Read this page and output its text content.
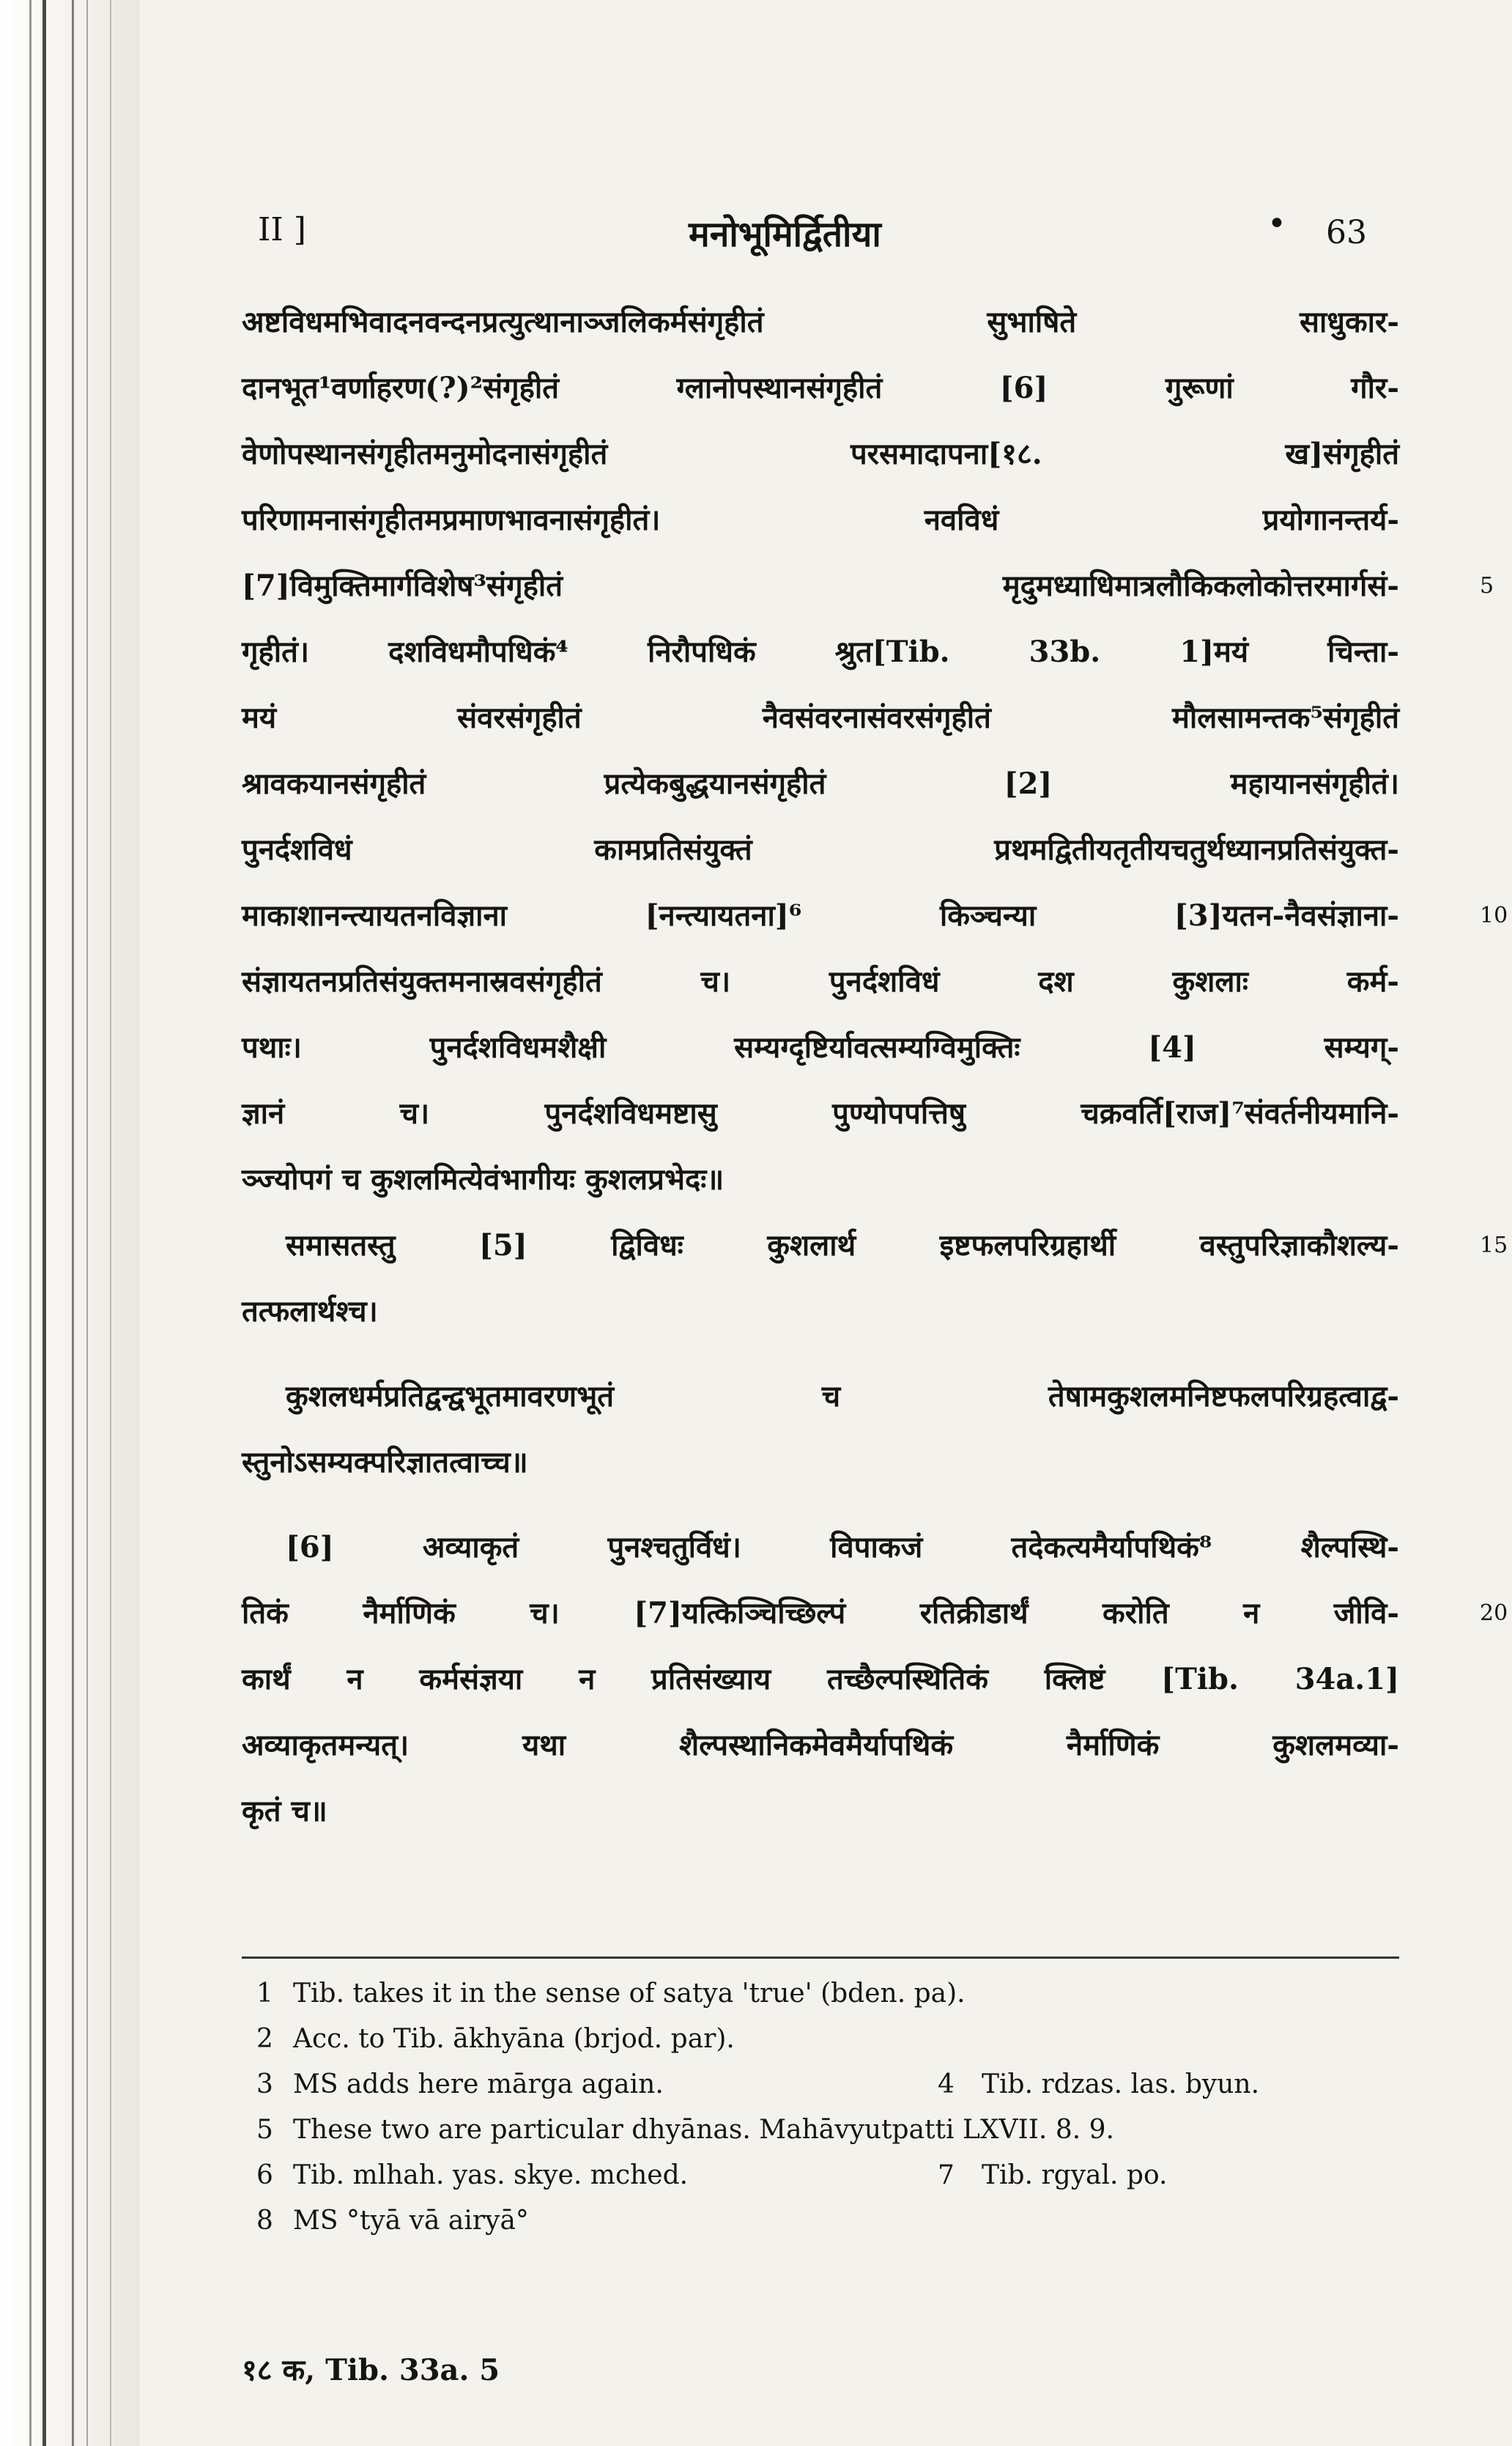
II ]	मनोभूमिर्द्वितीया	• 63
अष्टविधमभिवादनवन्दनप्रत्युत्थानाञ्जलिकर्मसंगृहीतं सुभाषिते साधुकार-
दानभूत¹वर्णाहरण(?)²संगृहीतं ग्लानोपस्थानसंगृहीतं [6] गुरूणां गौर-
वेणोपस्थानसंगृहीतमनुमोदनासंगृहीतं परसमादापना[१८. ख]संगृहीतं
परिणामनासंगृहीतमप्रमाणभावनासंगृहीतं। नवविधं प्रयोगानन्तर्य-
[7]विमुक्तिमार्गविशेष³संगृहीतं मृदुमध्याधिमात्रलौकिकलोकोत्तरमार्गसं-	5
गृहीतं। दशविधमौपधिकं⁴ निरौपधिकं श्रुत[Tib. 33b. 1]मयं चिन्ता-
मयं संवरसंगृहीतं नैवसंवरनासंवरसंगृहीतं मौलसामन्तक⁵संगृहीतं
श्रावकयानसंगृहीतं प्रत्येकबुद्धयानसंगृहीतं [2] महायानसंगृहीतं।
पुनर्दशविधं कामप्रतिसंयुक्तं प्रथमद्वितीयतृतीयचतुर्थध्यानप्रतिसंयुक्त-
माकाशानन्त्यायतनविज्ञाना [नन्त्यायतना]⁶ किञ्चन्या [3]यतन-नैवसंज्ञाना-	10
संज्ञायतनप्रतिसंयुक्तमनास्रवसंगृहीतं च। पुनर्दशविधं दश कुशलाः कर्म-
पथाः। पुनर्दशविधमशैक्षी सम्यग्दृष्टिर्यावत्सम्यग्विमुक्तिः [4] सम्यग्-
ज्ञानं च। पुनर्दशविधमष्टासु पुण्योपपत्तिषु चक्रवर्ति[राज]⁷संवर्तनीयमानि-
ञ्ज्योपगं च कुशलमित्येवंभागीयः कुशलप्रभेदः॥
समासतस्तु [5] द्विविधः कुशलार्थ इष्टफलपरिग्रहार्थी वस्तुपरिज्ञाकौशल्य-	15
तत्फलार्थश्च।
कुशलधर्मप्रतिद्वन्द्वभूतमावरणभूतं च तेषामकुशलमनिष्टफलपरिग्रहत्वाद्व-
स्तुनोऽसम्यक्परिज्ञातत्वाच्च॥
[6] अव्याकृतं पुनश्चतुर्विधं। विपाकजं तदेकत्यमैर्यापथिकं⁸ शैल्पस्थि-
तिकं नैर्माणिकं च। [7]यत्किञ्चिच्छिल्पं रतिक्रीडार्थं करोति न जीवि-	20
कार्थं न कर्मसंज्ञया न प्रतिसंख्याय तच्छैल्पस्थितिकं क्लिष्टं [Tib. 34a.1]
अव्याकृतमन्यत्। यथा शैल्पस्थानिकमेवमैर्यापथिकं नैर्माणिकं कुशलमव्या-
कृतं च॥
1 Tib. takes it in the sense of satya 'true' (bden. pa).
2 Acc. to Tib. ākhyāna (brjod. par).
3 MS adds here mārga again.	4 Tib. rdzas. las. byun.
5 These two are particular dhyānas. Mahāvyutpatti LXVII. 8. 9.
6 Tib. mlhah. yas. skye. mched.	7 Tib. rgyal. po.
8 MS °tyā vā airyā°
१८ क, Tib. 33a. 5
